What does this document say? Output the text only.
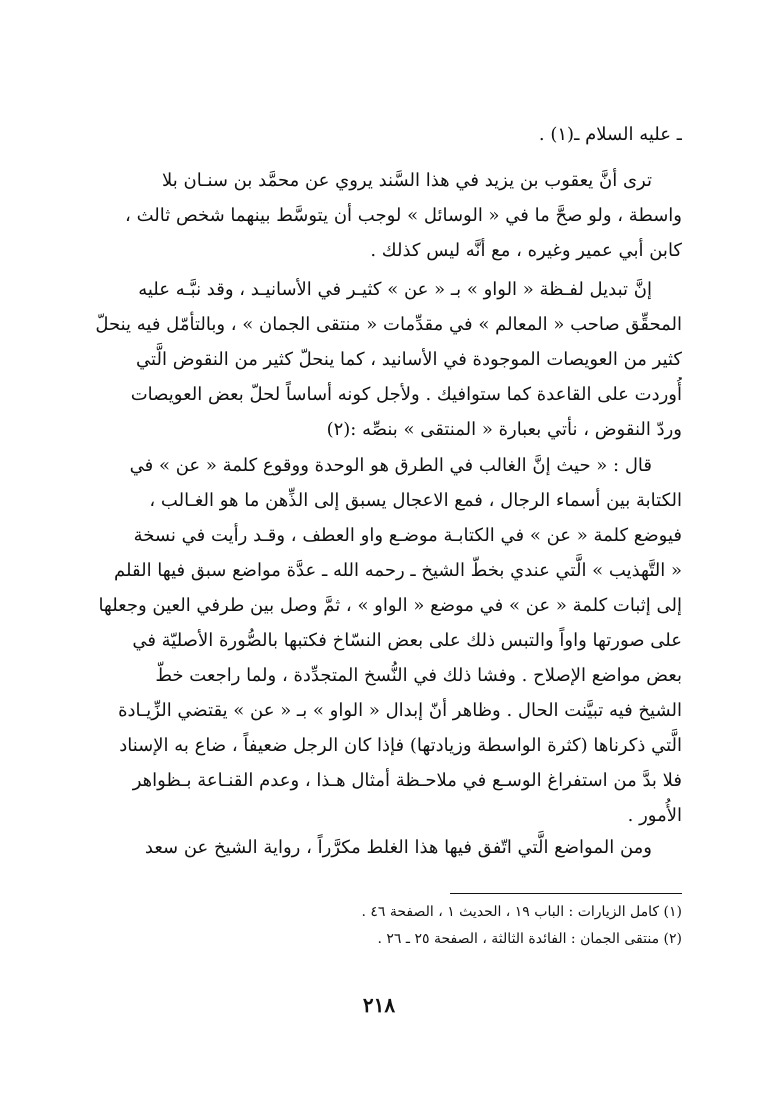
ـ عليه السلام ـ(١) .
ترى أنَّ يعقوب بن يزيد في هذا السَّند يروي عن محمَّد بن سنـان بلا
واسطة ، ولو صحَّ ما في « الوسائل » لوجب أن يتوسَّط بينهما شخص ثالث ،
كابن أبي عمير وغيره ، مع أنَّه ليس كذلك .
إنَّ تبديل لفـظة « الواو » بـ « عن » كثيـر في الأسانيـد ، وقد نبَّـه عليه
المحقِّق صاحب « المعالم » في مقدِّمات « منتقى الجمان » ، وبالتأمّل فيه ينحلّ
كثير من العويصات الموجودة في الأسانيد ، كما ينحلّ كثير من النقوض الَّتي
أُوردت على القاعدة كما ستوافيك . ولأجل كونه أساساً لحلّ بعض العويصات
وردّ النقوض ، نأتي بعبارة « المنتقى » بنصِّه :(٢)
قال : « حيث إنَّ الغالب في الطرق هو الوحدة ووقوع كلمة « عن » في
الكتابة بين أسماء الرجال ، فمع الاعجال يسبق إلى الذِّهن ما هو الغـالب ،
فيوضع كلمة « عن » في الكتابـة موضـع واو العطف ، وقـد رأيت في نسخة
« التَّهذيب » الَّتي عندي بخطّ الشيخ ـ رحمه الله ـ عدَّة مواضع سبق فيها القلم
إلى إثبات كلمة « عن » في موضع « الواو » ، ثمَّ وصل بين طرفي العين وجعلها
على صورتها واواً والتبس ذلك على بعض النسّاخ فكتبها بالصُّورة الأصليّة في
بعض مواضع الإصلاح . وفشا ذلك في النُّسخ المتجدِّدة ، ولما راجعت خطّ
الشيخ فيه تبيَّنت الحال . وظاهر أنّ إبدال « الواو » بـ « عن » يقتضي الزِّيـادة
الَّتي ذكرناها (كثرة الواسطة وزيادتها) فإذا كان الرجل ضعيفاً ، ضاع به الإسناد
فلا بدَّ من استفراغ الوسـع في ملاحـظة أمثال هـذا ، وعدم القنـاعة بـظواهر
الأُمور .
ومن المواضع الَّتي اتّفق فيها هذا الغلط مكرَّراً ، رواية الشيخ عن سعد
(١) كامل الزيارات : الباب ١٩ ، الحديث ١ ، الصفحة ٤٦ .
(٢) منتقى الجمان : الفائدة الثالثة ، الصفحة ٢٥ ـ ٢٦ .
٢١٨
